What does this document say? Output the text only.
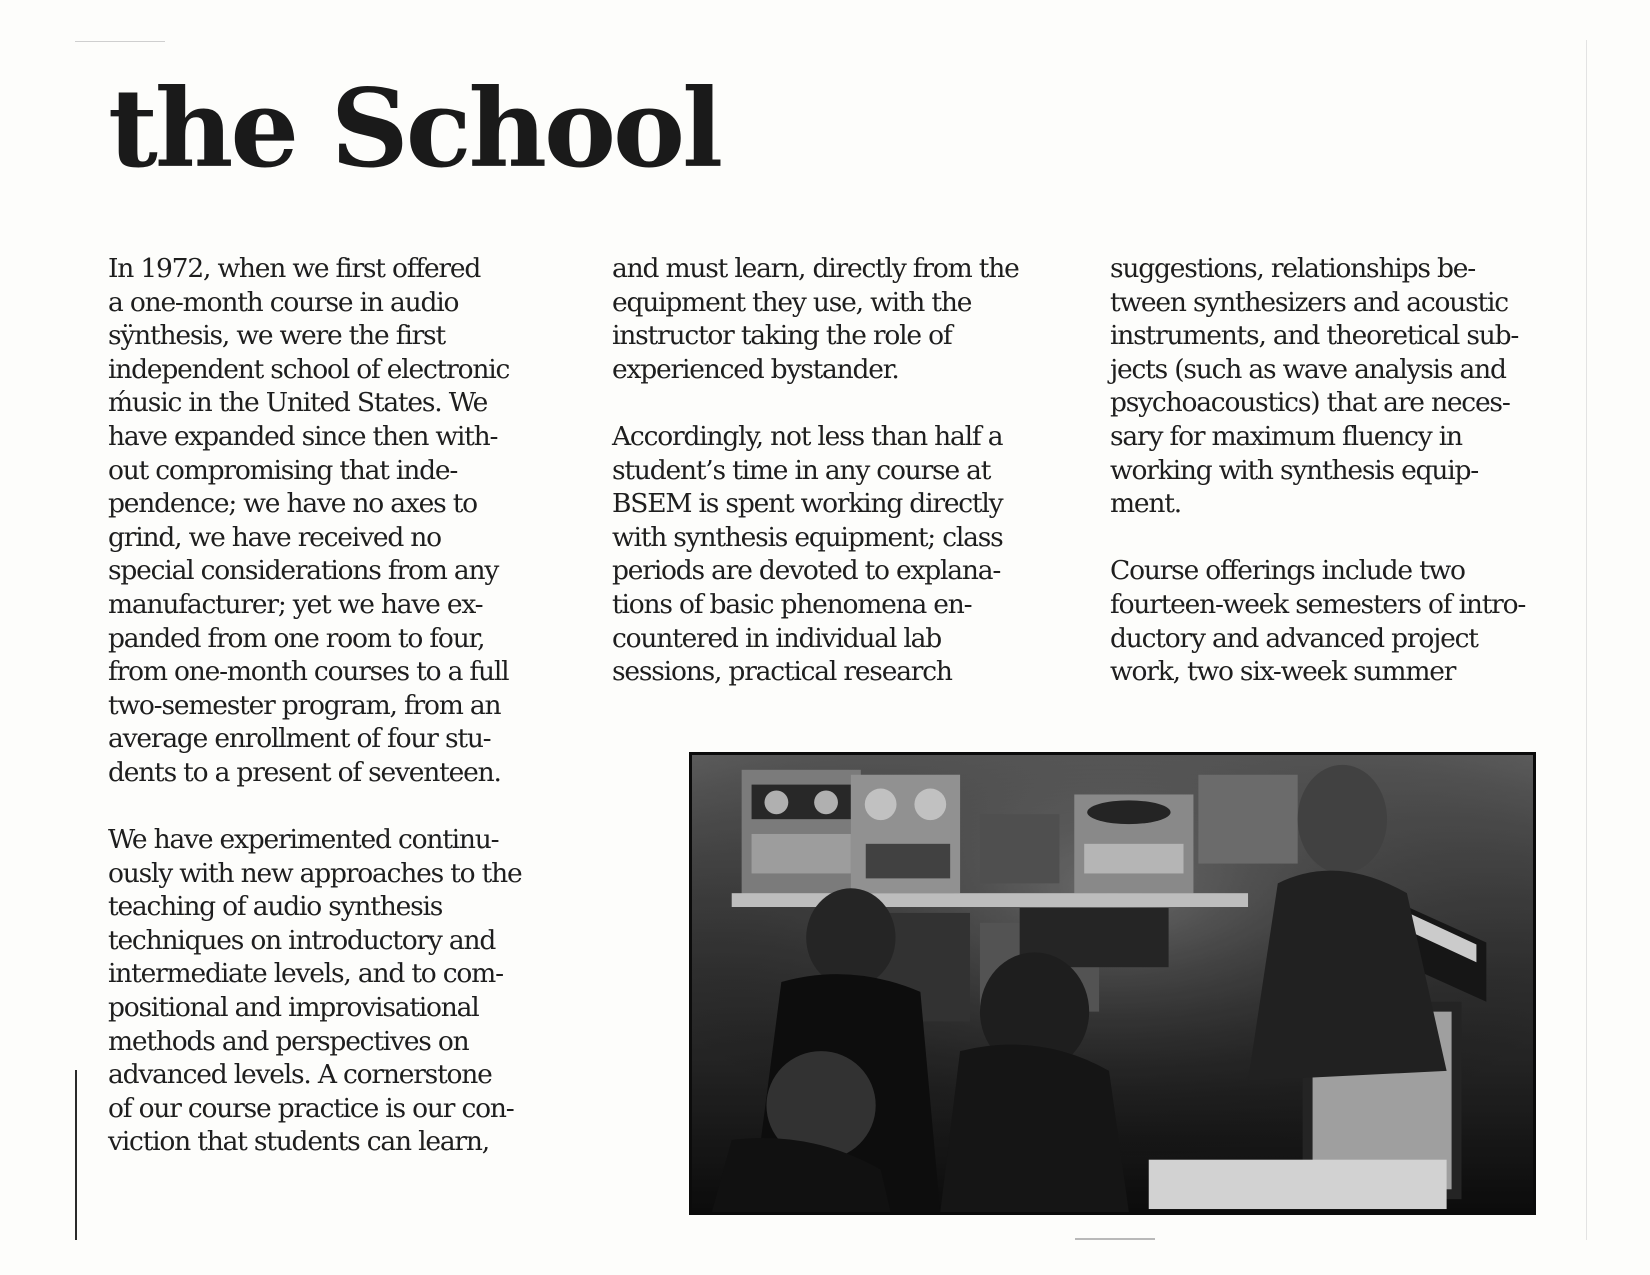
the School
In 1972, when we first offered
a one-month course in audio
sÿnthesis, we were the first
independent school of electronic
ḿusic in the United States. We
have expanded since then with-
out compromising that inde-
pendence; we have no axes to
grind, we have received no
special considerations from any
manufacturer; yet we have ex-
panded from one room to four,
from one-month courses to a full
two-semester program, from an
average enrollment of four stu-
dents to a present of seventeen.
We have experimented continu-
ously with new approaches to the
teaching of audio synthesis
techniques on introductory and
intermediate levels, and to com-
positional and improvisational
methods and perspectives on
advanced levels. A cornerstone
of our course practice is our con-
viction that students can learn,
and must learn, directly from the
equipment they use, with the
instructor taking the role of
experienced bystander.
Accordingly, not less than half a
student’s time in any course at
BSEM is spent working directly
with synthesis equipment; class
periods are devoted to explana-
tions of basic phenomena en-
countered in individual lab
sessions, practical research
suggestions, relationships be-
tween synthesizers and acoustic
instruments, and theoretical sub-
jects (such as wave analysis and
psychoacoustics) that are neces-
sary for maximum fluency in
working with synthesis equip-
ment.
Course offerings include two
fourteen-week semesters of intro-
ductory and advanced project
work, two six-week summer
